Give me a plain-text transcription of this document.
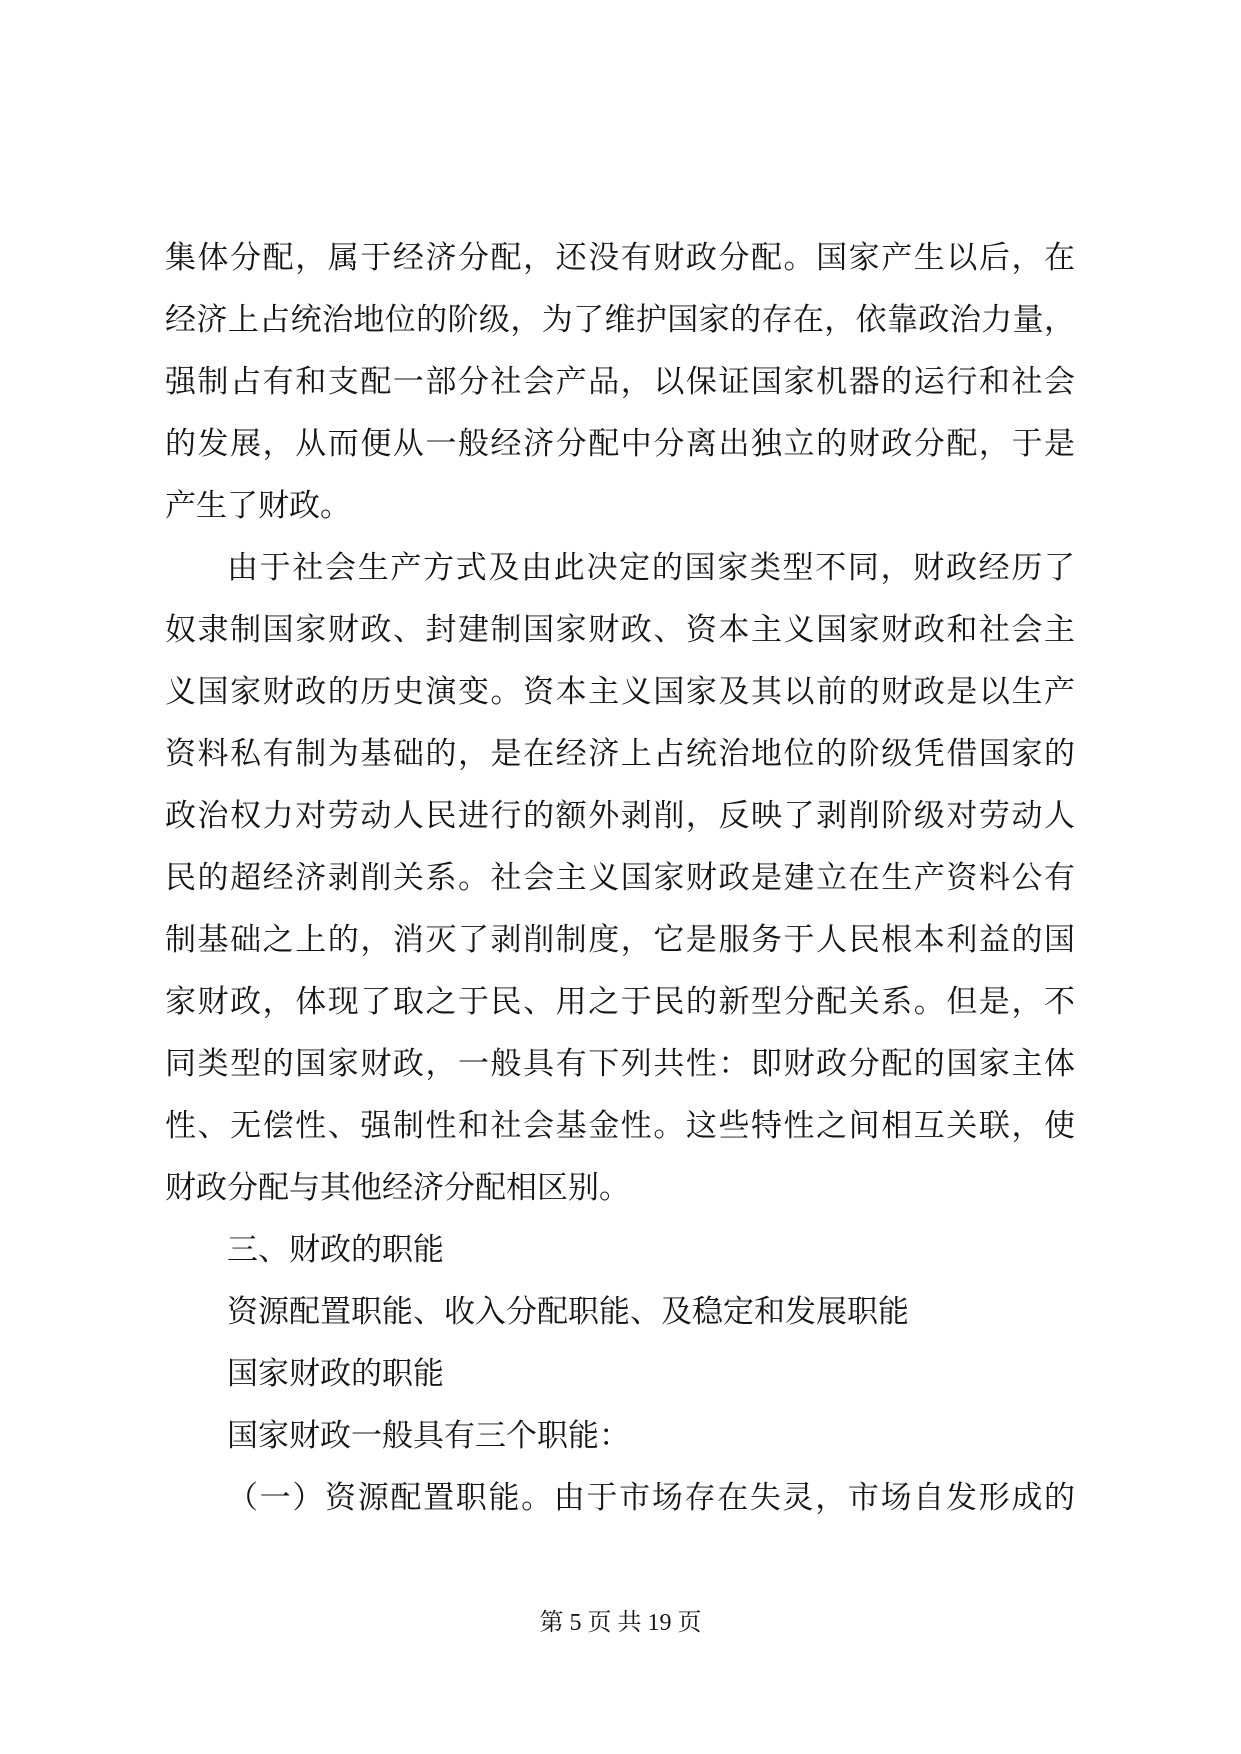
集体分配，属于经济分配，还没有财政分配。国家产生以后，在
经济上占统治地位的阶级，为了维护国家的存在，依靠政治力量，
强制占有和支配一部分社会产品，以保证国家机器的运行和社会
的发展，从而便从一般经济分配中分离出独立的财政分配，于是
产生了财政。
由于社会生产方式及由此决定的国家类型不同，财政经历了
奴隶制国家财政、封建制国家财政、资本主义国家财政和社会主
义国家财政的历史演变。资本主义国家及其以前的财政是以生产
资料私有制为基础的，是在经济上占统治地位的阶级凭借国家的
政治权力对劳动人民进行的额外剥削，反映了剥削阶级对劳动人
民的超经济剥削关系。社会主义国家财政是建立在生产资料公有
制基础之上的，消灭了剥削制度，它是服务于人民根本利益的国
家财政，体现了取之于民、用之于民的新型分配关系。但是，不
同类型的国家财政，一般具有下列共性：即财政分配的国家主体
性、无偿性、强制性和社会基金性。这些特性之间相互关联，使
财政分配与其他经济分配相区别。
三、财政的职能
资源配置职能、收入分配职能、及稳定和发展职能
国家财政的职能
国家财政一般具有三个职能：
（一）资源配置职能。由于市场存在失灵，市场自发形成的
第 5 页 共 19 页
